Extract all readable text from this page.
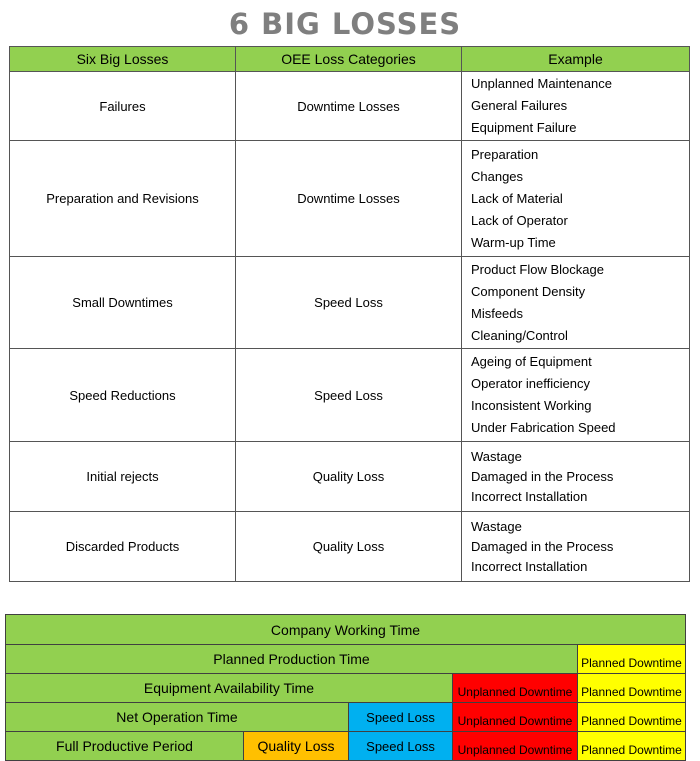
6 BIG LOSSES
Six Big Losses	OEE Loss Categories	Example
Failures	Downtime Losses	Unplanned Maintenance
General Failures
Equipment Failure

Preparation and Revisions	Downtime Losses	Preparation
Changes
Lack of Material
Lack of Operator
Warm-up Time

Small Downtimes	Speed Loss	Product Flow Blockage
Component Density
Misfeeds
Cleaning/Control

Speed Reductions	Speed Loss	Ageing of Equipment
Operator inefficiency
Inconsistent Working
Under Fabrication Speed

Initial rejects	Quality Loss	Wastage
Damaged in the Process
Incorrect Installation

Discarded Products	Quality Loss	Wastage
Damaged in the Process
Incorrect Installation
Company Working Time
Planned Production Time	Planned Downtime
Equipment Availability Time	Unplanned Downtime Planned Downtime
Net Operation Time	Speed Loss	Unplanned Downtime Planned Downtime
Full Productive Period	Quality Loss	Speed Loss	Unplanned Downtime Planned Downtime
